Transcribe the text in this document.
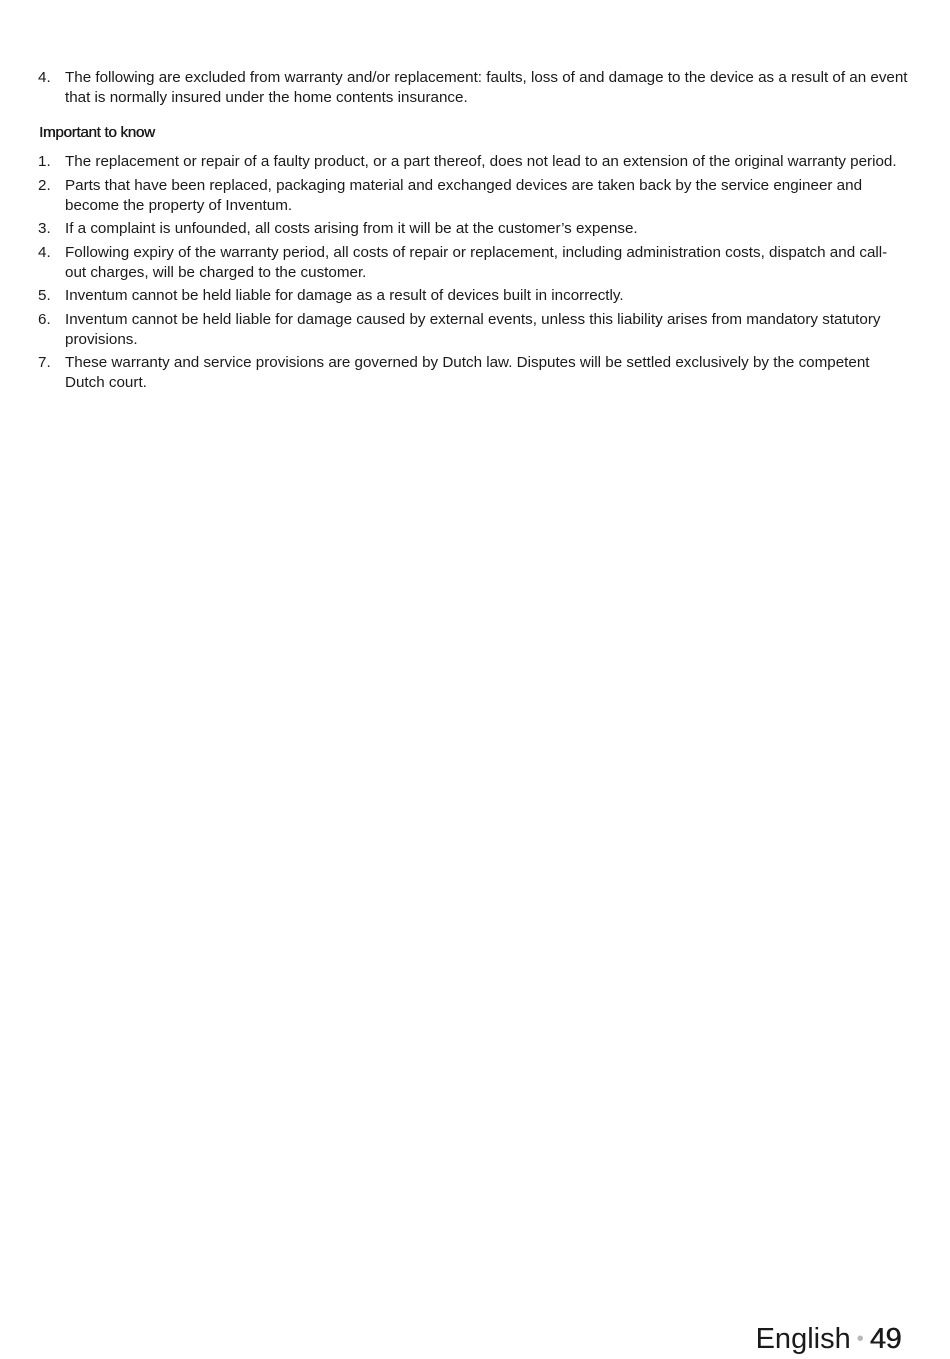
4. The following are excluded from warranty and/or replacement: faults, loss of and damage to the device as a result of an event that is normally insured under the home contents insurance.
Important to know
1. The replacement or repair of a faulty product, or a part thereof, does not lead to an extension of the original warranty period.
2. Parts that have been replaced, packaging material and exchanged devices are taken back by the service engineer and become the property of Inventum.
3. If a complaint is unfounded, all costs arising from it will be at the customer’s expense.
4. Following expiry of the warranty period, all costs of repair or replacement, including administration costs, dispatch and call-out charges, will be charged to the customer.
5. Inventum cannot be held liable for damage as a result of devices built in incorrectly.
6. Inventum cannot be held liable for damage caused by external events, unless this liability arises from mandatory statutory provisions.
7. These warranty and service provisions are governed by Dutch law. Disputes will be settled exclusively by the competent Dutch court.
English • 49
